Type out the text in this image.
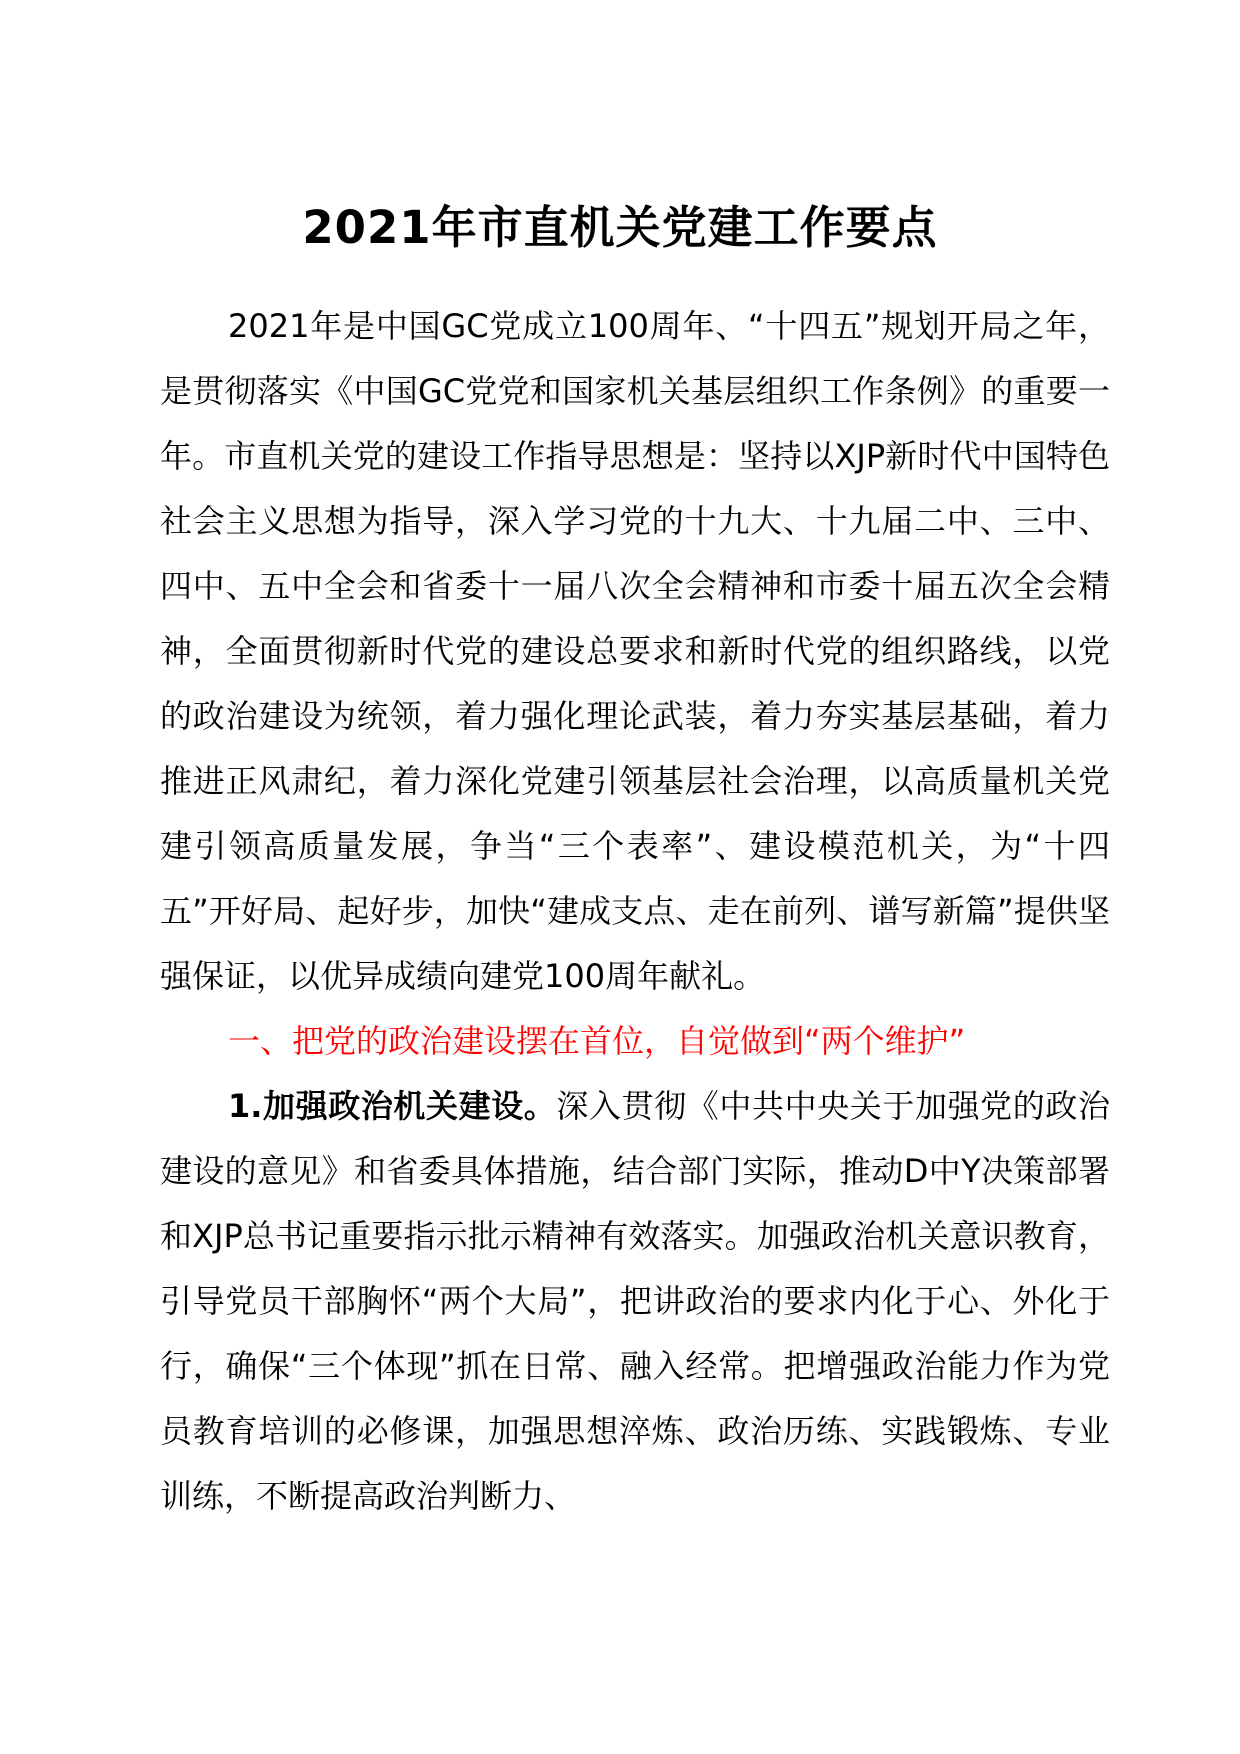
2021年市直机关党建工作要点

2021年是中国GC党成立100周年、“十四五”规划开局之年，是贯彻落实《中国GC党党和国家机关基层组织工作条例》的重要一年。市直机关党的建设工作指导思想是：坚持以XJP新时代中国特色社会主义思想为指导，深入学习党的十九大、十九届二中、三中、四中、五中全会和省委十一届八次全会精神和市委十届五次全会精神，全面贯彻新时代党的建设总要求和新时代党的组织路线，以党的政治建设为统领，着力强化理论武装，着力夯实基层基础，着力推进正风肃纪，着力深化党建引领基层社会治理，以高质量机关党建引领高质量发展，争当“三个表率”、建设模范机关，为“十四五”开好局、起好步，加快“建成支点、走在前列、谱写新篇”提供坚强保证，以优异成绩向建党100周年献礼。

一、把党的政治建设摆在首位，自觉做到“两个维护”

1.加强政治机关建设。深入贯彻《中共中央关于加强党的政治建设的意见》和省委具体措施，结合部门实际，推动D中Y决策部署和XJP总书记重要指示批示精神有效落实。加强政治机关意识教育，引导党员干部胸怀“两个大局”，把讲政治的要求内化于心、外化于行，确保“三个体现”抓在日常、融入经常。把增强政治能力作为党员教育培训的必修课，加强思想淬炼、政治历练、实践锻炼、专业训练，不断提高政治判断力、
